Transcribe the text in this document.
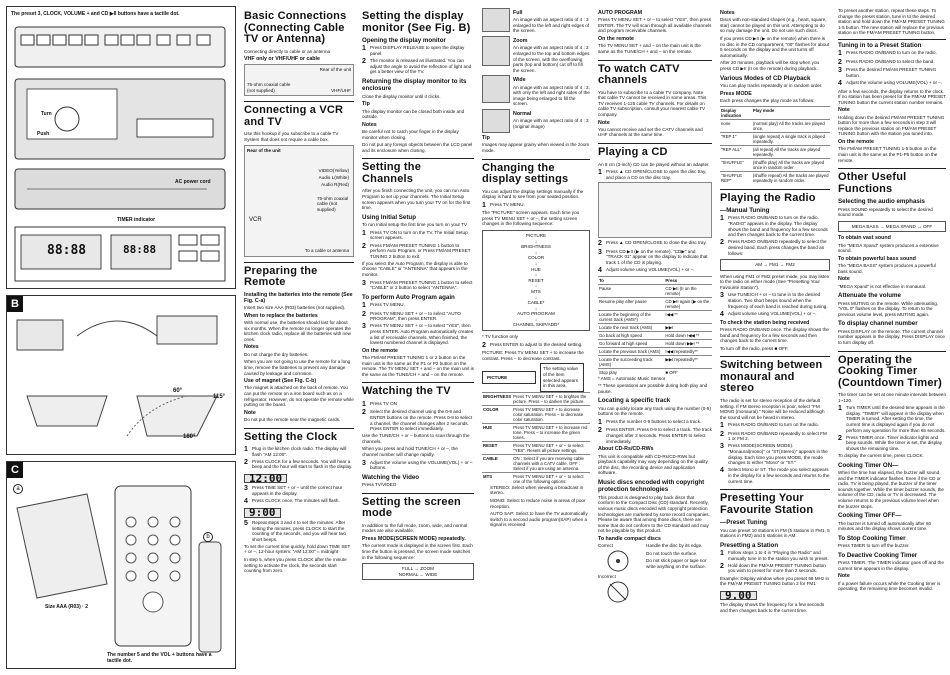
The preset 3, CLOCK, VOLUME + and CD ▶II buttons have a tactile dot.
Turn
Push
AC power cord
TIMER indicator
88:88	88:88
B
60°
115°
180°
C
a
b
Size AAA (R03) · 2
The number 5 and the VOL + buttons have a tactile dot.
Basic Connections (Connecting Cable TV or Antenna)

Connecting directly to cable or an antenna

VHF only or VHF/UHF or cable
Rear of the unit
VHF/UHF
75-ohm coaxial cable (not supplied)
Connecting a VCR and TV

Use this hookup if you subscribe to a cable TV System that does not require a cable box.

Rear of the unit
VIDEO(Yellow)
Audio L(White)
Audio R(Red)
75-ohm coaxial cable (not supplied)
VCR
To a cable or antenna
Preparing the Remote
Installing the batteries into the remote (See Fig. C-a)

Insert two size AAA (R03) batteries (not supplied).

When to replace the batteries

With normal use, the batteries should last for about six months. When the remote no longer operates the kitchen clock radio, replace all the batteries with new ones.

Notes

Do not charge the dry batteries.

When you are not going to use the remote for a long time, remove the batteries to prevent any damage caused by leakage and corrosion.

Use of magnet (See Fig. C-b)

The magnet is attached on the back of remote. You can put the remote on a iron board such as on a refrigerator. However, do not operate the remote while putting on the board.

Note

Do not put the remote near the magnetic cards.

Setting the Clock
1 Plug in the kitchen clock radio. The display will flash "AM 12:00".
2 Press CLOCK for a few seconds. You will hear a beep and the hour will start to flash in the display.
12:00
3 Press TIME SET + or – until the correct hour appears in the display.
4 Press CLOCK once. The minutes will flash.
9:00
5 Repeat steps 3 and 4 to set the minutes. After setting the minutes, press CLOCK to start the counting of the seconds, and you will hear two short beeps.

To set the current time quickly, hold down TIME SET + or –. 12-hour system: "AM 12:00" = midnight

In step 5, when you press CLOCK after the minute setting to activate the clock, the seconds start counting from zero.

Setting the display monitor (See Fig. B)
Opening the display monitor
1 Press DISPLAY RELEASE to open the display panel.
2 The monitor is released as illustrated. You can adjust the angle to avoid the reflection of light and get a better view of the TV.
Returning the display monitor to its enclosure

Close the display monitor until it clicks.

Tip

The display monitor can be closed both inside and outside.

Notes

Be careful not to catch your finger in the display monitor when closing.

Do not put any foreign objects between the LCD panel and its enclosure when closing.

Setting the Channels

After you finish connecting the unit, you can run Auto Program to set up your channels. The Initial Setup screen appears when you turn your TV on for the first time.

Using Initial Setup

To run Initial setup the first time you turn on your TV

1 Press TV ON to turn on the TV. The Initial Setup screen appears.
2 Press FM/AM PRESET TUNING 1 button to perform Auto Program, or Press FM/AM PRESET TUNING 2 button to exit.

If you select the Auto Program, the display is able to choose "CABLE" or "ANTENNA" that appears in the monitor.

3 Press FM/AM PRESET TUNING 1 button to select "CABLE" or 2 button to select "ANTENNA".
To perform Auto Program again
1 Press TV MENU.
2 Press TV MENU SET + or – to select "AUTO PROGRAM", then press ENTER.
3 Press TV MENU SET + or – to select "YES", then press ENTER. Auto Program automatically creates a list of receivable channels. When finished, the lowest numbered channel is displayed.
On the remote

The FM/AM PRESET TUNING 1 or 2 button on the main unit is the same as the P1 or P2 button on the remote. The TV MENU SET + and – on the main unit is the same as the TUNE/CH + and – on the remote.

Watching the TV
1 Press TV ON
2 Select the desired channel using the 0-9 and ENTER buttons on the remote. Press 0-9 to select a channel, the channel changes after 2 seconds. Press ENTER to select immediately.

Use the TUNE/CH + or – buttons to scan through the channels.

When you press and hold TUNE/CH + or –, the channel number will change rapidly.

3 Adjust the volume using the VOLUME(VOL) + or – buttons.
Watching the Video

Press TV/VIDEO

Setting the screen mode

In addition to the full mode, zoom, wide, and normal modes are also available.

Press MODE(SCREEN MODE) repeatedly.

The current mode is displayed in the screen first. Each time the button is pressed, the screen mode switches in the following sequence:

FULL → ZOOM
NORMAL ← WIDE
Full

An image with an aspect ratio of 4 : 3 enlarged to the left and right edges of the screen.

Zoom

An image with an aspect ratio of 4 : 3 enlarged to the top and bottom edges of the screen, with the overflowing parts (top and bottom) cut off to fill the screen.

Wide

An image with an aspect ratio of 4 : 3, with only the left and right sides of the image being enlarged to fill the screen.

Normal

An image with an aspect ratio of 4 : 3 (original image)

Tip

Images may appear grainy when viewed in the zoom mode.

Changing the display settings

You can adjust the display settings manually if the display is hard to see from your seated position.

1 Press TV MENU.

The "PICTURE" screen appears. Each time you press TV MENU SET + or –, the setting screen changes in the following sequence:

PICTURE
↓
BRIGHTNESS
↓
COLOR
↓
HUE
↓
RESET
↓
MTS
↓
CABLE*
↓
AUTO PROGRAM
↓
CHANNEL SKIP/ADD*

* TV function only

2 Press ENTER to adjust to the desired setting.

PICTURE: Press TV MENU SET + to increase the contrast. Press – to decrease contrast.

PICTURE
The setting value of the item selected appears in this area.
BRIGHTNESS	Press TV MENU SET + to brighten the picture. Press – to darken the picture.
COLOR	Press TV MENU SET + to increase color saturation. Press – to decrease color saturation.
HUE	Press TV MENU SET + to increase red tone. Press – to increase the green tones.
RESET	Press TV MENU SET + or – to select "YES". Resets all picture settings.
CABLE	ON : Select if you are receiving cable channels with a CATV cable. OFF : Select if you are using an antenna.
MTS	Press TV MENU SET + or – to select one of the following options:

STEREO: Select when viewing a broadcast in stereo.

MONO: Select to reduce noise in areas of poor reception.

AUTO SAP: Select to have the TV automatically switch to a second audio program(SAP) when a signal is received.

AUTO PROGRAM

Press TV MENU SET + or – to select "YES", then press ENTER. The TV will scan through all available channels and program receivable channels.

On the remote

The TV MENU SET + and – on the main unit is the same as the TUNE/CH + and – on the remote.

To watch CATV channels

You have to subscribe to a cable TV company. Note that cable TV cannot be received in some areas. This TV receives 1-125 cable TV channels. For details on cable TV subscription, consult your nearest cable TV company.

Note

You cannot receive and set the CATV channels and UHF channels at the same time.

Playing a CD

An 8 cm (3-inch) CD can be played without an adapter.

1 Press ▲ CD OPEN/CLOSE to open the disc tray, and place a CD on the disc tray.
2 Press ▲ CD OPEN/CLOSE to close the disc tray.
3 Press CD ▶II (▶ on the remote). "CD▶" and "TRACK 01" appear on the display to indicate that track 1 of the CD is playing.
4 Adjust volume using VOLUME(VOL) + or –.
To	Press
Pause	CD ▶II (II on the remote)
Resume play after pause	CD ▶II again (▶ on the remote)
Locate the beginning of the current track (AMS*)	I◀◀ **
Locate the next track (AMS)	▶▶I
Go back at high speed	Hold down I◀◀ **
Go forward at high speed	Hold down ▶▶I **
Locate the previous track (AMS)	I◀◀ repeatedly**
Locate the succeeding track (AMS)	▶▶I repeatedly**
Stop play	■ OFF

* AMS = Automatic Music Sensor

** These operations are possible during both play and pause.

Locating a specific track

You can quickly locate any track using the number (0-9) buttons on the remote.

1 Press the number 0-9 buttons to select a track.
2 Press ENTER. Press 0-9 to select a track. The track changes after 2 seconds. Press ENTER to select immediately.
About CD-Rs/CD-RWs

This unit is compatible with CD-Rs/CD-RWs but playback capability may vary depending on the quality of the disc, the recording device and application software.

Music discs encoded with copyright protection technologies

This product is designed to play back discs that conform to the Compact Disc (CD) standard. Recently, various music discs encoded with copyright protection technologies are marketed by some record companies. Please be aware that among those discs, there are some that do not conform to the CD standard and may not be playable by this product.

To handle compact discs
Correct
Incorrect

Handle the disc by its edge.

Do not touch the surface.

Do not stick paper or tape nor write anything on the surface.

Notes

Discs with non-standard shapes (e.g., heart, square, star) cannot be played on this unit. Attempting to do so may damage the unit. Do not use such discs.

If you press CD ▶II (▶ on the remote) when there is no disc in the CD compartment, "00" flashes for about 5 seconds on the display and the unit turns off automatically.

After 20 minutes, playback will be stop when you press CD ▶II (II on the remote) during playback.

Various Modes of CD Playback

You can play tracks repeatedly or in random order.

Press MODE

Each press changes the play mode as follows:

Display indication	Play mode
none	(normal play) All the tracks are played once.
"REP 1"	(single repeat) A single track is played repeatedly.
"REP ALL"	(all repeat) All the tracks are played repeatedly.
"SHUFFLE"	(shuffle play) All the tracks are played once in random order.
"SHUFFLE REP"	(shuffle repeat) All the tracks are played repeatedly in random order.
Playing the Radio
—Manual Tuning
1 Press RADIO ON/BAND to turn on the radio. "RADIO" appears in the display. The display shows the band and frequency for a few seconds and then changes back to the current time.
2 Press RADIO ON/BAND repeatedly to select the desired band. Each press changes the band as follows:
AM → FM1 → FM2

When using FM1 or FM2 preset mode, you may listen to the radio on either mode (See "Presetting Your Favourite Station").

3 Use TUNE/CH + or – to tune in to the desired station. Two short beeps sound when the frequency of each band is reached during tuning.
4 Adjust volume using VOLUME(VOL) + or –.
To check the station being received

Press RADIO ON/BAND once. The display shows the band and frequency for a few seconds and then changes back to the current time.

To turn off the radio, press ■ OFF.

Switching between monaural and stereo

The radio is set for stereo reception of the default setting. If FM stereo reception is poor, select "FM MONO (monaural)." Noise will be reduced although the sound will not be heard in stereo.

1 Press RADIO ON/BAND to turn on the radio.
2 Press RADIO ON/BAND repeatedly to select FM 1 or FM 2.
3 Press MODE(SCREEN MODE). "Monaural(mono)" or "ST(Stereo)" appears in the display. Each time you press MODE, the mode changes to either "Mono" or "ST."
4 Select Mono or ST. The mode you select appears in the display for a few seconds and returns to the current time.
Presetting Your Favourite Station
—Preset Tuning

You can preset 10 stations in FM (5 stations in FM1, 5 stations in FM2) and 5 stations in AM.

Presetting a Station
1 Follow steps 1 to 4 in "Playing the Radio" and manually tune in to the station you wish to preset.
2 Hold down the FM/AM PRESET TUNING button you wish to preset for more than 2 seconds.

Example: Display window when you preset 99 MHz in the FM/AM PRESET TUNING button 2 for FM1

9.00

The display shows the frequency for a few seconds and then changes back to the current time.

To preset another station, repeat these steps. To change the preset station, tune in to the desired station and hold down the FM/AM PRESET TUNING 1-5 button. The new station will replace the previous station on the FM/AM PRESET TUNING button.

Tuning in to a Preset Station
1 Press RADIO ON/BAND to turn on the radio.
2 Press RADIO ON/BAND to select the band.
3 Press the desired FM/AM PRESET TUNING button.
4 Adjust the volume using VOLUME(VOL) + or –.

After a few seconds, the display returns to the clock. If no station has been preset for the FM/AM PRESET TUNING button the current station number remains.

Note

Holding down the desired FM/AM PRESET TUNING button for more than a few seconds in step 3 will replace the previous station on FM/AM PRESET TUNING button with the station you tuned into.

On the remote

The FM/AM PRESET TUNING 1-5 button on the main unit is the same as the P1-P5 button on the remote.

Other Useful Functions
Selecting the audio emphasis

Press SOUND repeatedly to select the desired sound mode.

MEGA BASS → MEGA XPAND → OFF
To obtain vast sound

The "MEGA Xpand" system produces a extensive sound.

To obtain powerful bass sound

The "MEGA BASS" system produces a powerful bass sound.

Note

"MEGA Xpand" is not effective in monaural.

Attenuate the volume

Press MUTING on the remote. While attenuating, "VOL 0" flashes on the display. To return to the previous volume level, press MUTING again.

To display channel number

Press DISPLAY on the remote. The current channel number appears in the display. Press DISPLAY once to turn display off.

Operating the Cooking Timer (Countdown Timer)

The timer can be set at one minute intervals between 1~120.

1 Turn TIMER until the desired time appears in the display. "TIMER" will appear in the display when TIMER is turned. After setting the time, the current time is displayed again if you do not perform any operation for more than 65 seconds.
2 Press TIMER once. Timer indicator lights and beep sounds. While the timer is set, the display shows the remaining time.

To display the current time, press CLOCK.

Cooking Timer ON—

When the time has elapsed, the buzzer will sound and the TIMER indicator flashes. Even if the CD or radio, TV is being played, the buzzer of the timer sounds together. While the timer buzzer sounds, the volume of the CD, radio or TV is decreased. The volume returns to the previous volume level when the buzzer stops.

Cooking Timer OFF—

The buzzer is turned off automatically after 60 minutes and the display shows current time.

To Stop Cooking Timer

Press TIMER to turn off the buzzer.

To Deactive Cooking Timer

Press TIMER. The TIMER indicator goes off and the current time appears in the display.

Note

If a power failure occurs while the Cooking timer is operating, the remaining time becomes invalid.
